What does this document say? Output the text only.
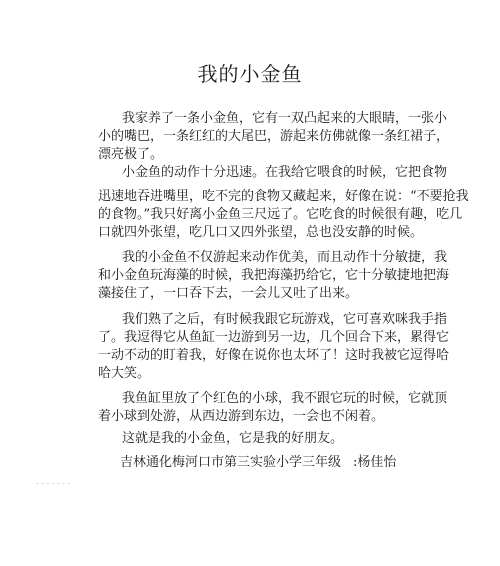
我的小金鱼
我家养了一条小金鱼，它有一双凸起来的大眼睛，一张小
小的嘴巴，一条红红的大尾巴，游起来仿佛就像一条红裙子，
漂亮极了。
小金鱼的动作十分迅速。在我给它喂食的时候，它把食物
迅速地吞进嘴里，吃不完的食物又藏起来，好像在说：“不要抢我
的食物。”我只好离小金鱼三尺远了。它吃食的时候很有趣，吃几
口就四外张望，吃几口又四外张望，总也没安静的时候。
我的小金鱼不仅游起来动作优美，而且动作十分敏捷，我
和小金鱼玩海藻的时候，我把海藻扔给它，它十分敏捷地把海
藻接住了，一口吞下去，一会儿又吐了出来。
我们熟了之后，有时候我跟它玩游戏，它可喜欢咪我手指
了。我逗得它从鱼缸一边游到另一边，几个回合下来，累得它
一动不动的盯着我，好像在说你也太坏了！这时我被它逗得哈
哈大笑。
我鱼缸里放了个红色的小球，我不跟它玩的时候，它就顶
着小球到处游，从西边游到东边，一会也不闲着。
这就是我的小金鱼，它是我的好朋友。
吉林通化梅河口市第三实验小学三年级 :杨佳怡
